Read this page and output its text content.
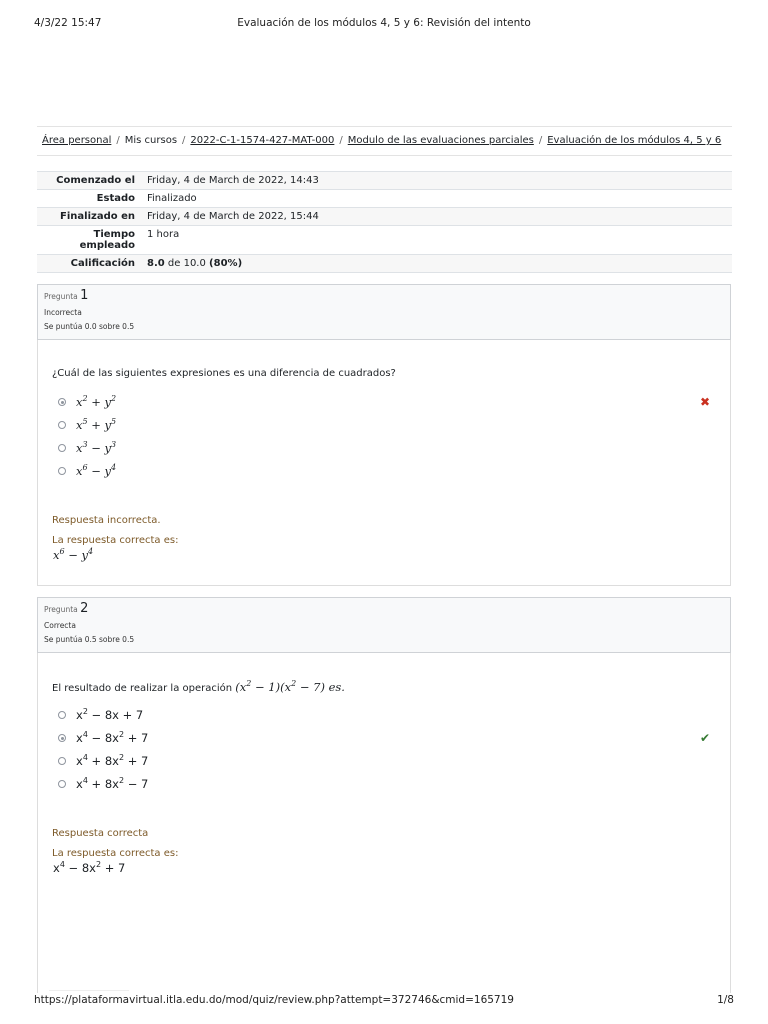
4/3/22 15:47	Evaluación de los módulos 4, 5 y 6: Revisión del intento
Área personal / Mis cursos / 2022-C-1-1574-427-MAT-000 / Modulo de las evaluaciones parciales / Evaluación de los módulos 4, 5 y 6
Comenzado el	Friday, 4 de March de 2022, 14:43
Estado	Finalizado
Finalizado en	Friday, 4 de March de 2022, 15:44
Tiempo empleado	1 hora
Calificación	8.0 de 10.0 (80%)
Pregunta 1
Incorrecta
Se puntúa 0.0 sobre 0.5
¿Cuál de las siguientes expresiones es una diferencia de cuadrados?
$x^2 + y^2$
$x^5 + y^5$
$x^3 - y^3$
$x^6 - y^4$
✖
Respuesta incorrecta.
La respuesta correcta es:
$x^6 - y^4$
Pregunta 2
Correcta
Se puntúa 0.5 sobre 0.5
El resultado de realizar la operación $(x^2 - 1)(x^2 - 7)$ es.
$x^2 - 8x + 7$
$x^4 - 8x^2 + 7$
$x^4 + 8x^2 + 7$
$x^4 + 8x^2 - 7$
✔
Respuesta correcta
La respuesta correcta es:
$x^4 - 8x^2 + 7$
https://plataformavirtual.itla.edu.do/mod/quiz/review.php?attempt=372746&cmid=165719	1/8
